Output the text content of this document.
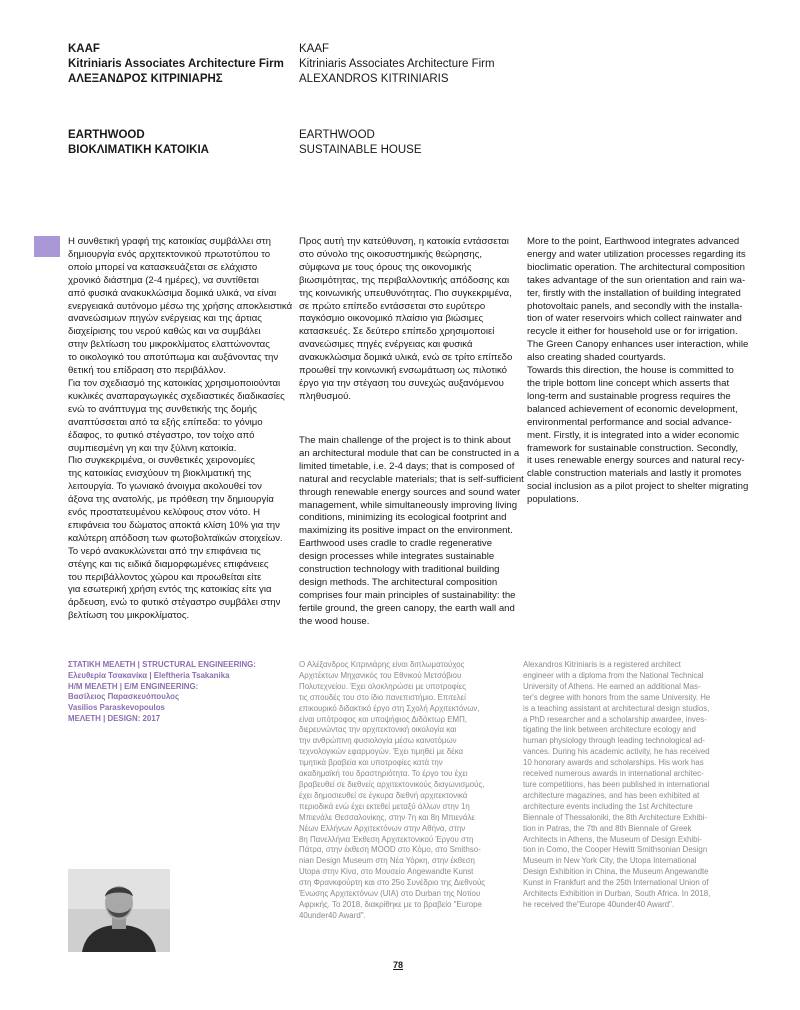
KAAF
Kitriniaris Associates Architecture Firm
ΑΛΕΞΑΝΔΡΟΣ ΚΙΤΡΙΝΙΑΡΗΣ
KAAF
Kitriniaris Associates Architecture Firm
ALEXANDROS KITRINIARIS
EARTHWOOD
ΒΙΟΚΛΙΜΑΤΙΚΗ ΚΑΤΟΙΚΙΑ
EARTHWOOD
SUSTAINABLE HOUSE

Η συνθετική γραφή της κατοικίας συμβάλλει στη

δημιουργία ενός αρχιτεκτονικού πρωτοτύπου το

οποίο μπορεί να κατασκευάζεται σε ελάχιστο

χρονικό διάστημα (2-4 ημέρες), να συντίθεται

από φυσικά ανακυκλώσιμα δομικά υλικά, να είναι

ενεργειακά αυτόνομο μέσω της χρήσης αποκλειστικά

ανανεώσιμων πηγών ενέργειας και της άρτιας

διαχείρισης του νερού καθώς και να συμβάλει

στην βελτίωση του μικροκλίματος ελαττώνοντας

το οικολογικό του αποτύπωμα και αυξάνοντας την

θετική του επίδραση στο περιβάλλον.

Για τον σχεδιασμό της κατοικίας χρησιμοποιούνται

κυκλικές αναπαραγωγικές σχεδιαστικές διαδικασίες

ενώ το ανάπτυγμα της συνθετικής της δομής

αναπτύσσεται από τα εξής επίπεδα: το γόνιμο

έδαφος, το φυτικό στέγαστρο, τον τοίχο από

συμπιεσμένη γη και την ξύλινη κατοικία.

Πιο συγκεκριμένα, οι συνθετικές χειρονομίες

της κατοικίας ενισχύουν τη βιοκλιματική της

λειτουργία. Το γωνιακό άνοιγμα ακολουθεί τον

άξονα της ανατολής, με πρόθεση την δημιουργία

ενός προστατευμένου κελύφους στον νότο. Η

επιφάνεια του δώματος αποκτά κλίση 10% για την

καλύτερη απόδοση των φωτοβολταϊκών στοιχείων.

Το νερό ανακυκλώνεται από την επιφάνεια τις

στέγης και τις ειδικά διαμορφωμένες επιφάνειες

του περιβάλλοντος χώρου και προωθείται είτε

για εσωτερική χρήση εντός της κατοικίας είτε για

άρδευση, ενώ το φυτικό στέγαστρο συμβάλει στην

βελτίωση του μικροκλίματος.

Προς αυτή την κατεύθυνση, η κατοικία εντάσσεται

στο σύνολο της οικοσυστημικής θεώρησης,

σύμφωνα με τους όρους της οικονομικής

βιωσιμότητας, της περιβαλλοντικής απόδοσης και

της κοινωνικής υπευθυνότητας. Πιο συγκεκριμένα,

σε πρώτο επίπεδο εντάσσεται στο ευρύτερο

παγκόσμιο οικονομικό πλαίσιο για βιώσιμες

κατασκευές. Σε δεύτερο επίπεδο χρησιμοποιεί

ανανεώσιμες πηγές ενέργειας και φυσικά

ανακυκλώσιμα δομικά υλικά, ενώ σε τρίτο επίπεδο

προωθεί την κοινωνική ενσωμάτωση ως πιλοτικό

έργο για την στέγαση του συνεχώς αυξανόμενου

πληθυσμού.

The main challenge of the project is to think about

an architectural module that can be constructed in a

limited timetable, i.e. 2-4 days; that is composed of

natural and recyclable materials; that is self-sufficient

through renewable energy sources and sound water

management, while simultaneously improving living

conditions, minimizing its ecological footprint and

maximizing its positive impact on the environment.

Earthwood uses cradle to cradle regenerative

design processes while integrates sustainable

construction technology with traditional building

design methods. The architectural composition

comprises four main principles of sustainability: the

fertile ground, the green canopy, the earth wall and

the wood house.

More to the point, Earthwood integrates advanced

energy and water utilization processes regarding its

bioclimatic operation. The architectural composition

takes advantage of the sun orientation and rain wa-

ter, firstly with the installation of building integrated

photovoltaic panels, and secondly with the installa-

tion of water reservoirs which collect rainwater and

recycle it either for household use or for irrigation.

The Green Canopy enhances user interaction, while

also creating shaded courtyards.

Towards this direction, the house is committed to

the triple bottom line concept which asserts that

long-term and sustainable progress requires the

balanced achievement of economic development,

environmental performance and social advance-

ment. Firstly, it is integrated into a wider economic

framework for sustainable construction. Secondly,

it uses renewable energy sources and natural recy-

clable construction materials and lastly it promotes

social inclusion as a pilot project to shelter migrating

populations.

ΣΤΑΤΙΚΗ ΜΕΛΕΤΗ | STRUCTURAL ENGINEERING:

Ελευθερία Τσακανίκα | Eleftheria Tsakanika

Η/Μ ΜΕΛΕΤΗ | E/M ENGINEERING:

Βασίλειος Παρασκευόπουλος

Vasilios Paraskevopoulos

ΜΕΛΕΤΗ | DESIGN: 2017

Ο Αλέξανδρος Κιτρινιάρης είναι διπλωματούχος

Αρχιτέκτων Μηχανικός του Εθνικού Μετσόβιου

Πολυτεχνείου. Έχει ολοκληρώσει με υποτροφίες

τις σπουδές του στο ίδιο πανεπιστήμιο. Επιτελεί

επικουρικό διδακτικό έργο στη Σχολή Αρχιτεκτόνων,

είναι υπότροφος και υποψήφιος Διδάκτωρ ΕΜΠ,

διερευνώντας την αρχιτεκτονική οικολογία και

την ανθρώπινη φυσιολογία μέσω καινοτόμων

τεχνολογικών εφαρμογών. Έχει τιμηθεί με δέκα

τιμητικά βραβεία και υποτροφίες κατά την

ακαδημαϊκή του δραστηριότητα. Το έργο του έχει

βραβευθεί σε διεθνείς αρχιτεκτονικούς διαγωνισμούς,

έχει δημοσιευθεί σε έγκυρα διεθνή αρχιτεκτονικά

περιοδικά ενώ έχει εκτεθεί μεταξύ άλλων στην 1η

Μπιενάλε Θεσσαλονίκης, στην 7η και 8η Μπιενάλε

Νέων Ελλήνων Αρχιτεκτόνων στην Αθήνα, στην

8η Πανελλήνια Έκθεση Αρχιτεκτονικού Έργου στη

Πάτρα, στην έκθεση MOOD στο Κόμο, στο Smithso-

nian Design Museum στη Νέα Υόρκη, στην έκθεση

Utopa στην Κίνα, στο Μουσείο Angewandte Kunst

στη Φρανκφούρτη και στο 25ο Συνέδριο της Διεθνούς

Ένωσης Αρχιτεκτόνων (UIA) στο Durban της Νοτίου

Αφρικής. Το 2018, διακρίθηκε με το βραβείο "Europe

40under40 Award".

Alexandros Kitriniaris is a registered architect

engineer with a diploma from the National Technical

University of Athens. He earned an additional Mas-

ter's degree with honors from the same University. He

is a teaching assistant at architectural design studios,

a PhD researcher and a scholarship awardee, inves-

tigating the link between architecture ecology and

human physiology through leading technological ad-

vances. During his academic activity, he has received

10 honorary awards and scholarships. His work has

received numerous awards in international architec-

ture competitions, has been published in international

architecture magazines, and has been exhibited at

architecture events including the 1st Architecture

Biennale of Thessaloniki, the 8th Architecture Exhibi-

tion in Patras, the 7th and 8th Biennale of Greek

Architects in Athens, the Museum of Design Exhibi-

tion in Como, the Cooper Hewitt Smithsonian Design

Museum in New York City, the Utopa International

Design Exhibition in China, the Museum Angewandte

Kunst in Frankfurt and the 25th International Union of

Architects Exhibition in Durban, South Africa. In 2018,

he received the"Europe 40under40 Award".

78
